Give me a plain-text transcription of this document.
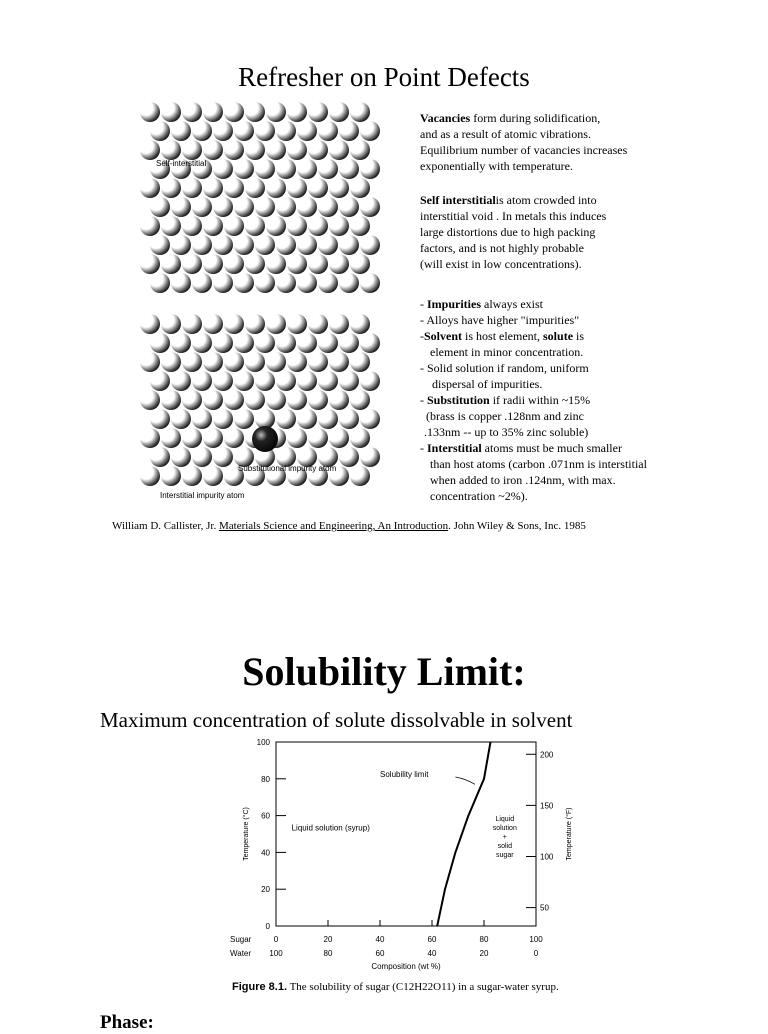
Refresher on Point Defects
Self-interstitial
Substitutional impurity atom
Interstitial impurity atom
Vacancies form during solidification,
and as a result of atomic vibrations.
Equilibrium number of vacancies increases
exponentially with temperature.
Self interstitialis atom crowded into
interstitial void . In metals this induces
large distortions due to high packing
factors, and is not highly probable
(will exist in low concentrations).
- Impurities always exist
- Alloys have higher "impurities"
-Solvent is host element, solute is
element in minor concentration.
- Solid solution if random, uniform
dispersal of impurities.
- Substitution if radii within ~15%
(brass is copper .128nm and zinc
.133nm -- up to 35% zinc soluble)
- Interstitial atoms must be much smaller
than host atoms (carbon .071nm is interstitial
when added to iron .124nm, with max.
concentration ~2%).
William D. Callister, Jr. Materials Science and Engineering, An Introduction. John Wiley & Sons, Inc. 1985
Solubility Limit:
Maximum concentration of solute dissolvable in solvent
0
20
40
60
80
100
50
100
150
200
0
100
20
80
40
60
60
40
80
20
100
0
Solubility limit
Liquid solution (syrup)
Liquid
solution
+
solid
sugar
Temperature (°C)	Temperature (°F)
Composition (wt %)
Sugar
Water
Figure 8.1. The solubility of sugar (C12H22O11) in a sugar-water syrup.
Phase:
